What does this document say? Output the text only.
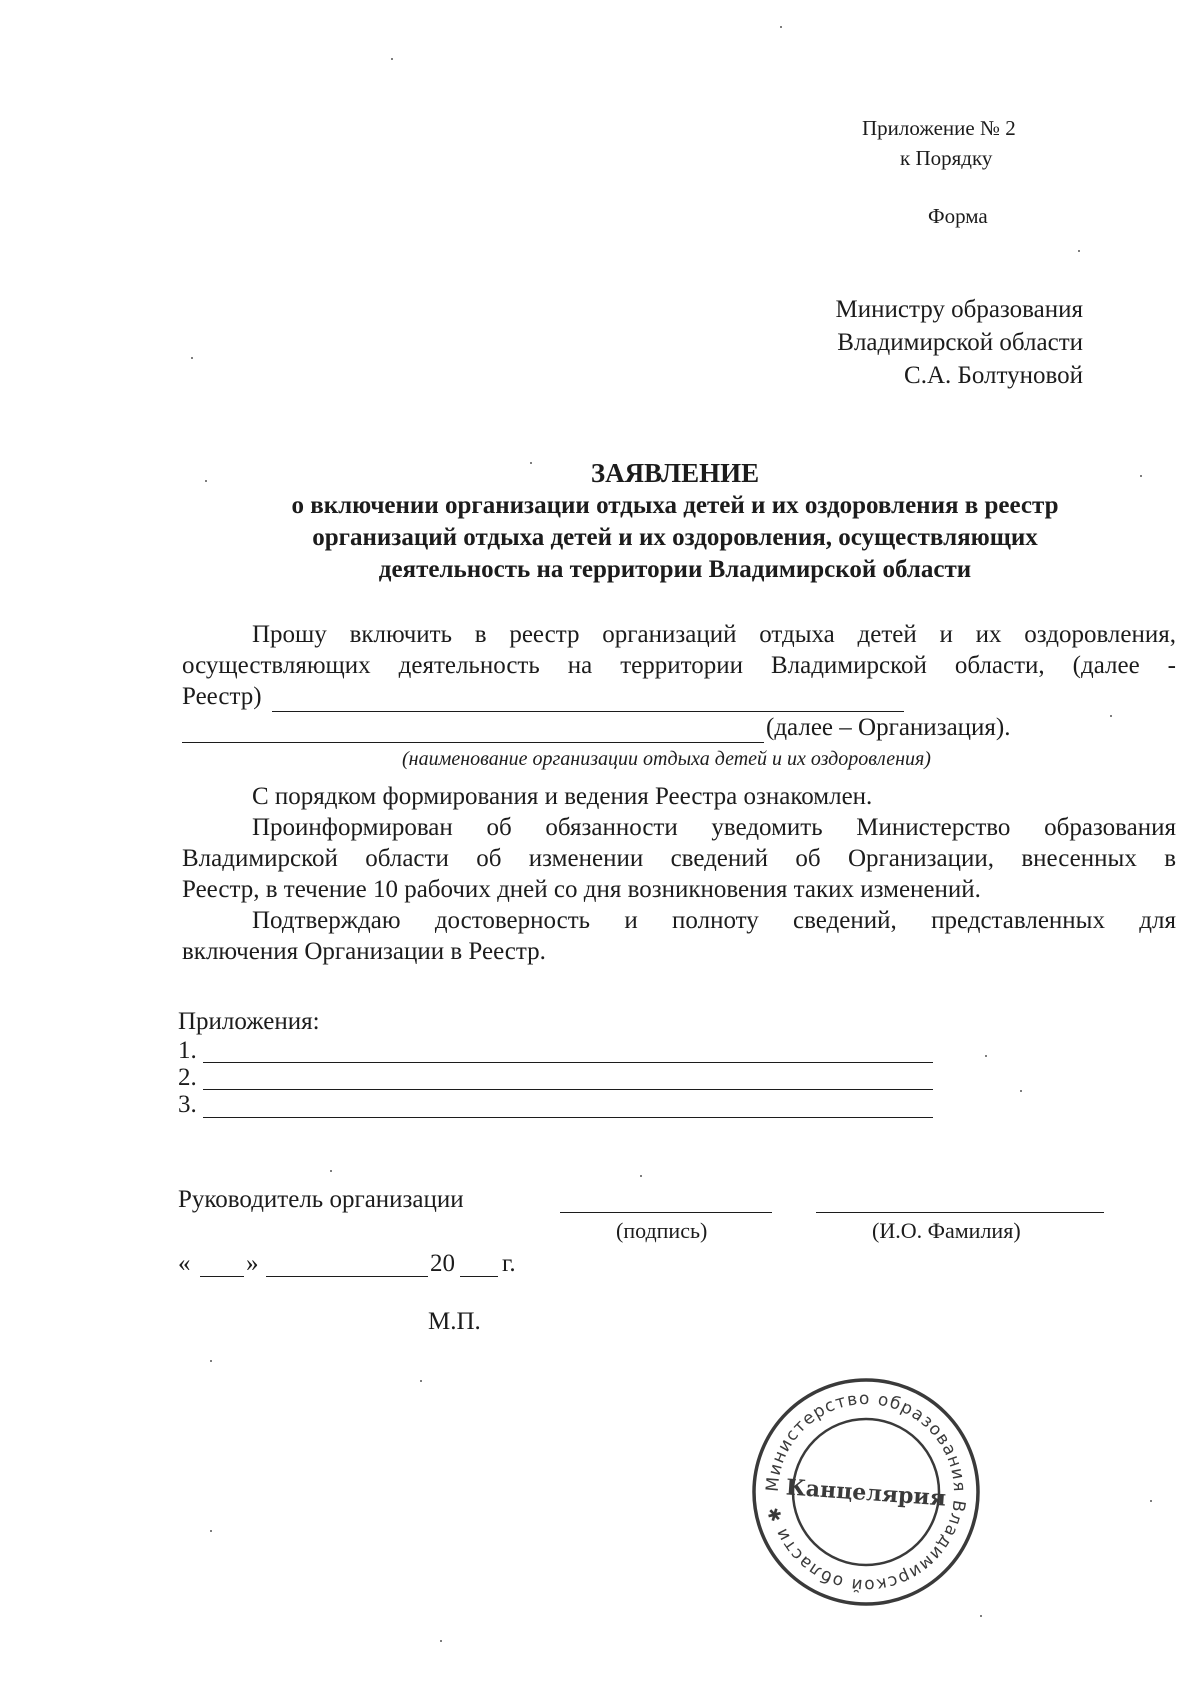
Приложение № 2
к Порядку
Форма
Министру образования
Владимирской области
С.А. Болтуновой
ЗАЯВЛЕНИЕ
о включении организации отдыха детей и их оздоровления в реестр
организаций отдыха детей и их оздоровления, осуществляющих
деятельность на территории Владимирской области
Прошу включить в реестр организаций отдыха детей и их оздоровления,
осуществляющих деятельность на территории Владимирской области, (далее -
Реестр)
(далее – Организация).
(наименование организации отдыха детей и их оздоровления)
С порядком формирования и ведения Реестра ознакомлен.
Проинформирован об обязанности уведомить Министерство образования
Владимирской области об изменении сведений об Организации, внесенных в
Реестр, в течение 10 рабочих дней со дня возникновения таких изменений.
Подтверждаю достоверность и полноту сведений, представленных для
включения Организации в Реестр.
Приложения:
1.
2.
3.
Руководитель организации
(подпись)	(И.О. Фамилия)
« »	20 г.
М.П.
Министерство образования Владимирской области ✱
Канцелярия
